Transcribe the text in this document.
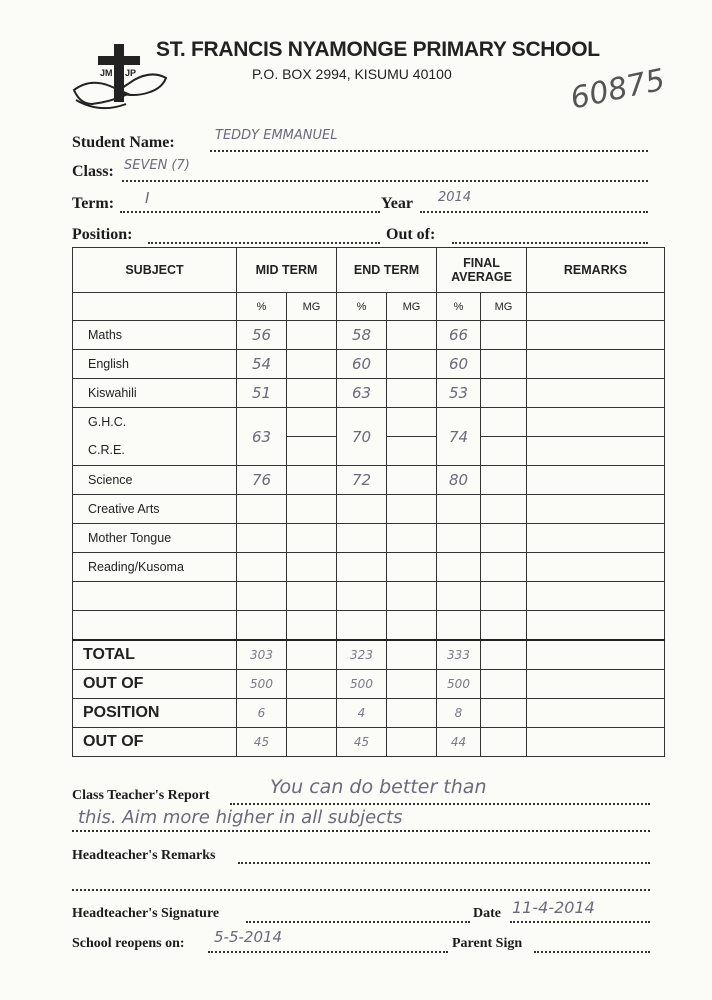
JM JP
ST. FRANCIS NYAMONGE PRIMARY SCHOOL
P.O. BOX 2994, KISUMU 40100	60875
Student Name:	TEDDY EMMANUEL
Class: SEVEN (7)
Term: I	Year 2014
Position:	Out of:
SUBJECT	MID TERM		END TERM		FINAL AVERAGE		REMARKS
	%	MG	%	MG	%	MG	
Maths	56		58		66		
English	54		60		60		
Kiswahili	51		63		53		

G.H.C.
C.R.E.	63		70		74		

Science	76		72		80		
Creative Arts							
Mother Tongue							
Reading/Kusoma							

TOTAL	303		323		333		
OUT OF	500		500		500		
POSITION	6		4		8		
OUT OF	45		45		44		
Class Teacher's Report	You can do better than
this. Aim more higher in all subjects
Headteacher's Remarks
Headteacher's Signature	Date 11-4-2014
School reopens on: 5-5-2014	Parent Sign
